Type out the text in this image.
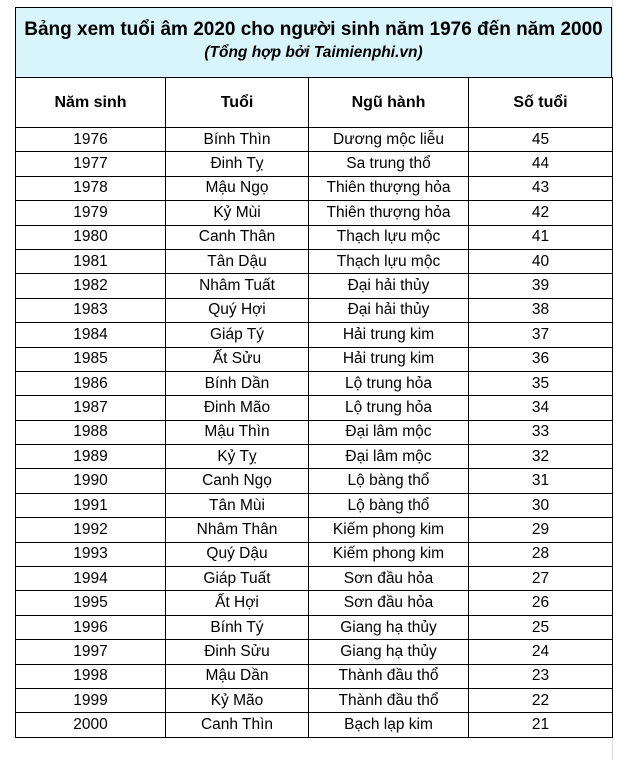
Bảng xem tuổi âm 2020 cho người sinh năm 1976 đến năm 2000
(Tổng hợp bởi Taimienphi.vn)
Năm sinh	Tuổi	Ngũ hành	Số tuổi
1976	Bính Thìn	Dương mộc liễu	45
1977	Đinh Tỵ	Sa trung thổ	44
1978	Mậu Ngọ	Thiên thượng hỏa	43
1979	Kỷ Mùi	Thiên thượng hỏa	42
1980	Canh Thân	Thạch lựu mộc	41
1981	Tân Dậu	Thạch lựu mộc	40
1982	Nhâm Tuất	Đại hải thủy	39
1983	Quý Hợi	Đại hải thủy	38
1984	Giáp Tý	Hải trung kim	37
1985	Ất Sửu	Hải trung kim	36
1986	Bính Dần	Lộ trung hỏa	35
1987	Đinh Mão	Lộ trung hỏa	34
1988	Mậu Thìn	Đại lâm mộc	33
1989	Kỷ Tỵ	Đại lâm mộc	32
1990	Canh Ngọ	Lộ bàng thổ	31
1991	Tân Mùi	Lộ bàng thổ	30
1992	Nhâm Thân	Kiếm phong kim	29
1993	Quý Dậu	Kiếm phong kim	28
1994	Giáp Tuất	Sơn đầu hỏa	27
1995	Ất Hợi	Sơn đầu hỏa	26
1996	Bính Tý	Giang hạ thủy	25
1997	Đinh Sửu	Giang hạ thủy	24
1998	Mậu Dần	Thành đầu thổ	23
1999	Kỷ Mão	Thành đầu thổ	22
2000	Canh Thìn	Bạch lạp kim	21
